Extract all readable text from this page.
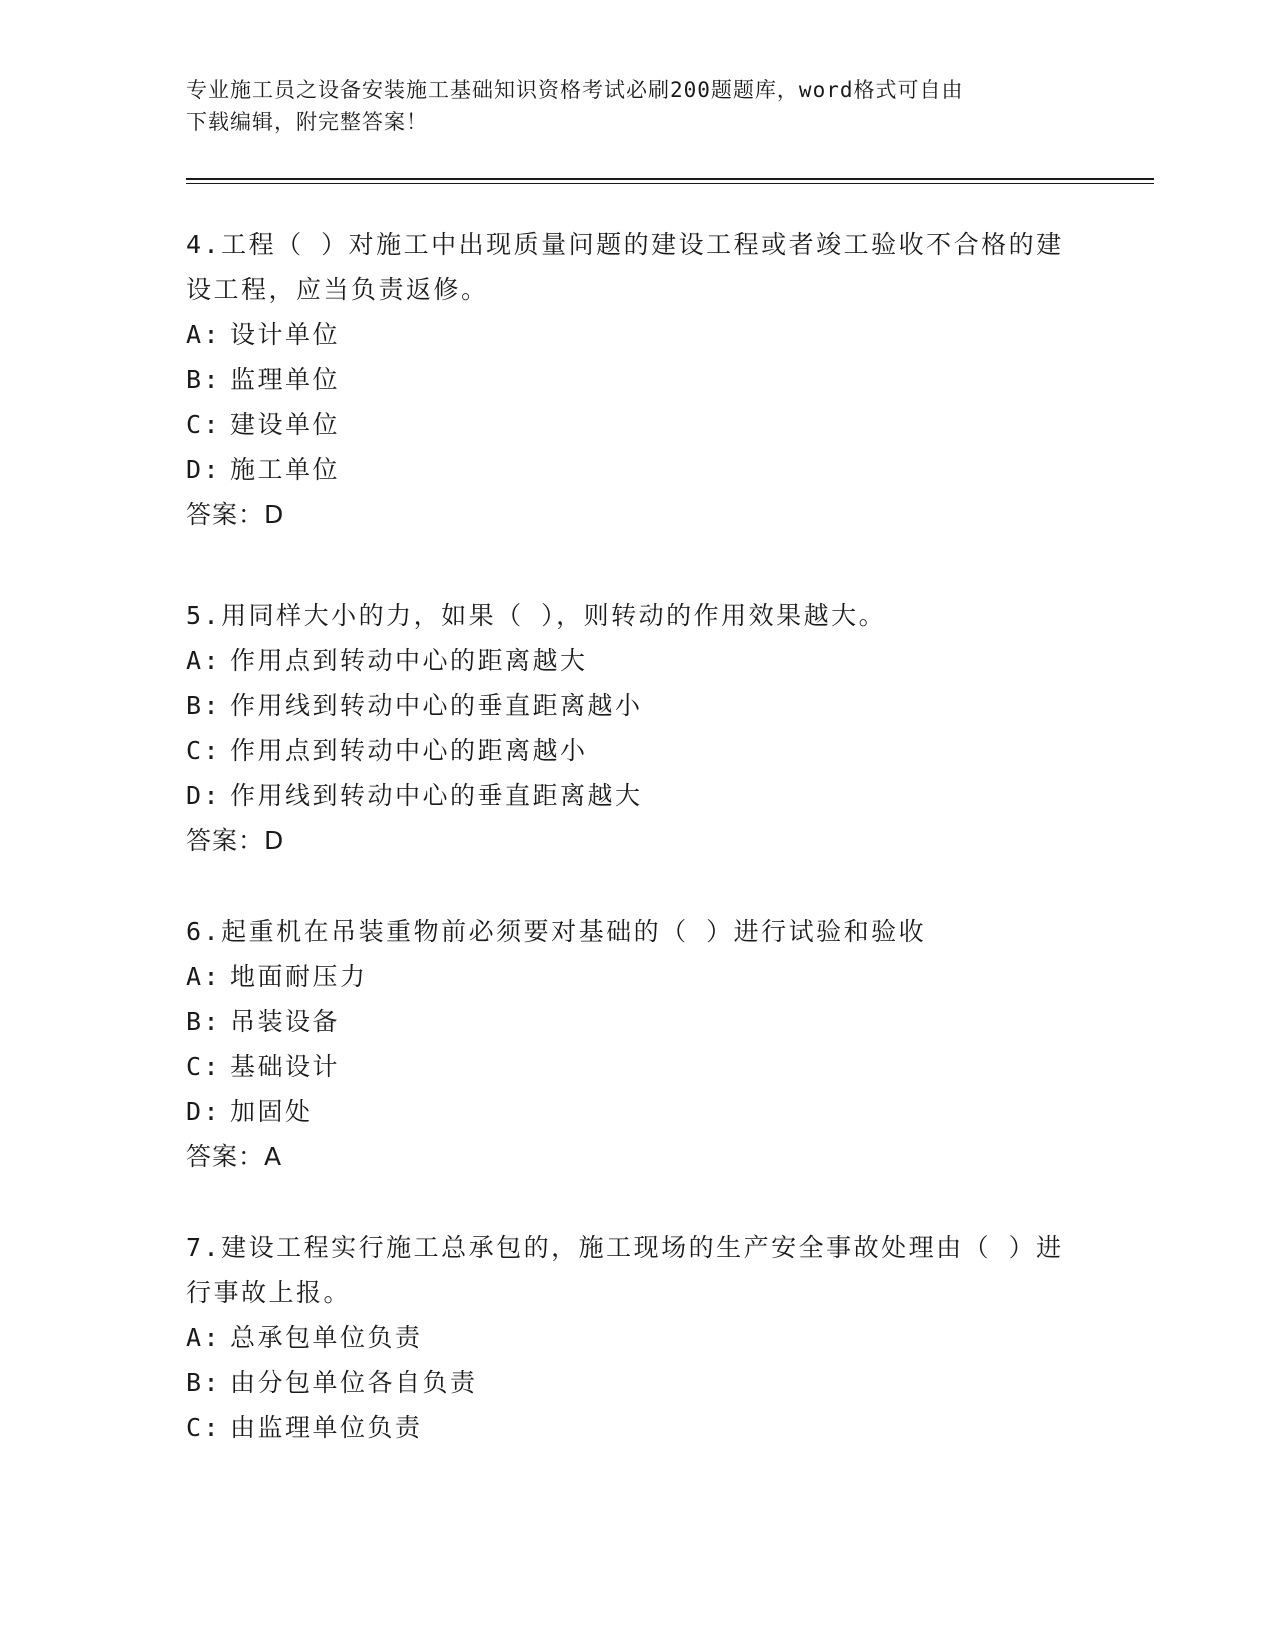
专业施工员之设备安装施工基础知识资格考试必刷200题题库，word格式可自由
下载编辑，附完整答案！
4.工程（ ）对施工中出现质量问题的建设工程或者竣工验收不合格的建设工程，应当负责返修。
A: 设计单位
B: 监理单位
C: 建设单位
D: 施工单位
答案：D
5.用同样大小的力，如果（ ），则转动的作用效果越大。
A: 作用点到转动中心的距离越大
B: 作用线到转动中心的垂直距离越小
C: 作用点到转动中心的距离越小
D: 作用线到转动中心的垂直距离越大
答案：D
6.起重机在吊装重物前必须要对基础的（ ）进行试验和验收
A: 地面耐压力
B: 吊装设备
C: 基础设计
D: 加固处
答案：A
7.建设工程实行施工总承包的，施工现场的生产安全事故处理由（ ）进行事故上报。
A: 总承包单位负责
B: 由分包单位各自负责
C: 由监理单位负责
